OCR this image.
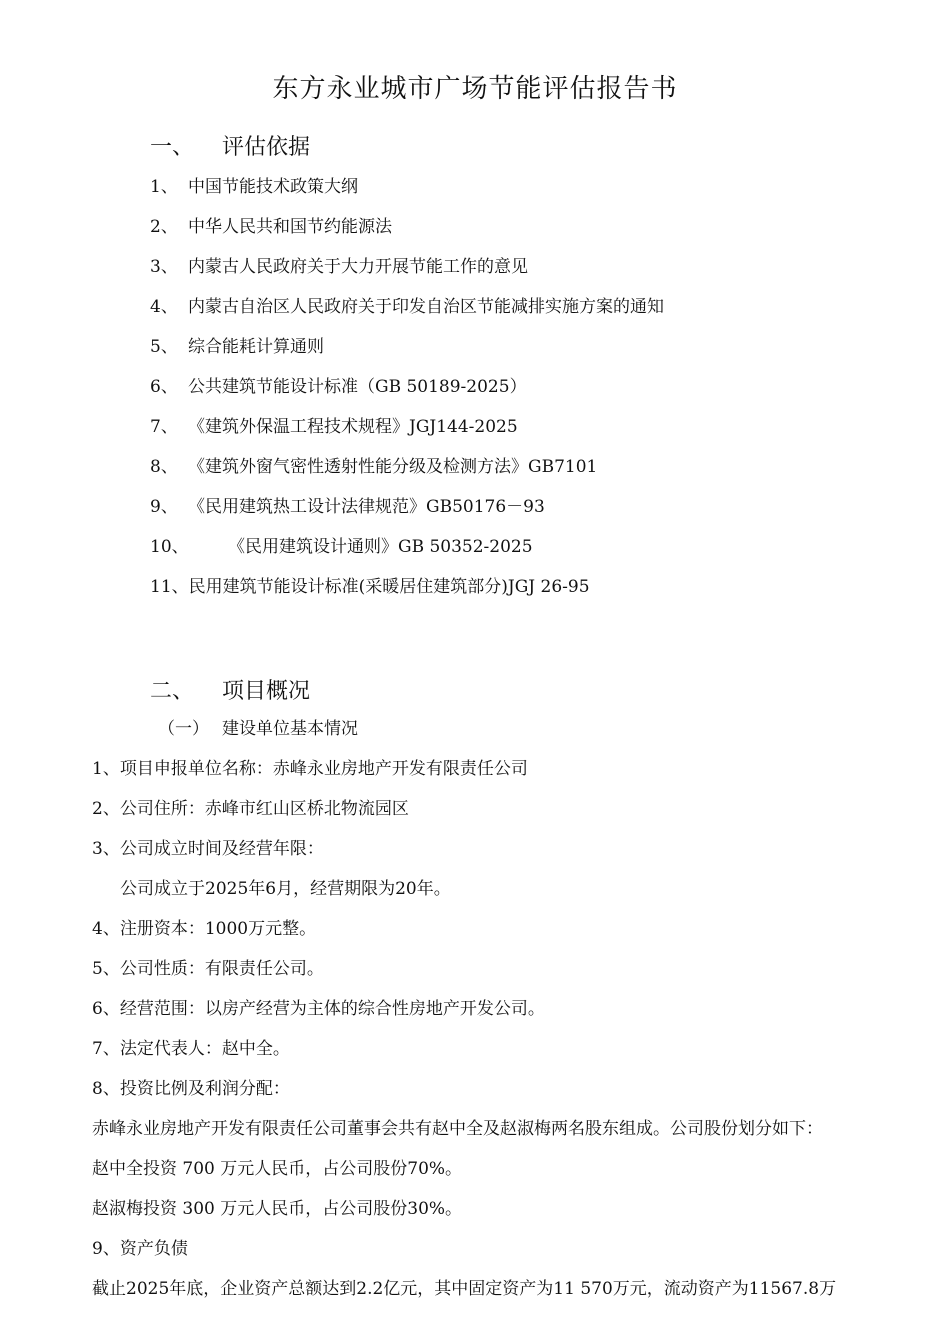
东方永业城市广场节能评估报告书
一、 评估依据
1、 中国节能技术政策大纲
2、 中华人民共和国节约能源法
3、 内蒙古人民政府关于大力开展节能工作的意见
4、 内蒙古自治区人民政府关于印发自治区节能减排实施方案的通知
5、 综合能耗计算通则
6、 公共建筑节能设计标准（GB 50189-2025）
7、 《建筑外保温工程技术规程》JGJ144-2025
8、 《建筑外窗气密性透射性能分级及检测方法》GB7101
9、 《民用建筑热工设计法律规范》GB50176－93
10、 《民用建筑设计通则》GB 50352-2025
11、民用建筑节能设计标准(采暖居住建筑部分)JGJ 26-95
二、 项目概况
（一） 建设单位基本情况
1、项目申报单位名称：赤峰永业房地产开发有限责任公司
2、公司住所：赤峰市红山区桥北物流园区
3、公司成立时间及经营年限：
公司成立于2025年6月，经营期限为20年。
4、注册资本：1000万元整。
5、公司性质：有限责任公司。
6、经营范围：以房产经营为主体的综合性房地产开发公司。
7、法定代表人：赵中全。
8、投资比例及利润分配：
赤峰永业房地产开发有限责任公司董事会共有赵中全及赵淑梅两名股东组成。公司股份划分如下：
赵中全投资 700 万元人民币，占公司股份70%。
赵淑梅投资 300 万元人民币，占公司股份30%。
9、资产负债
截止2025年底，企业资产总额达到2.2亿元，其中固定资产为11 570万元，流动资产为11567.8万
